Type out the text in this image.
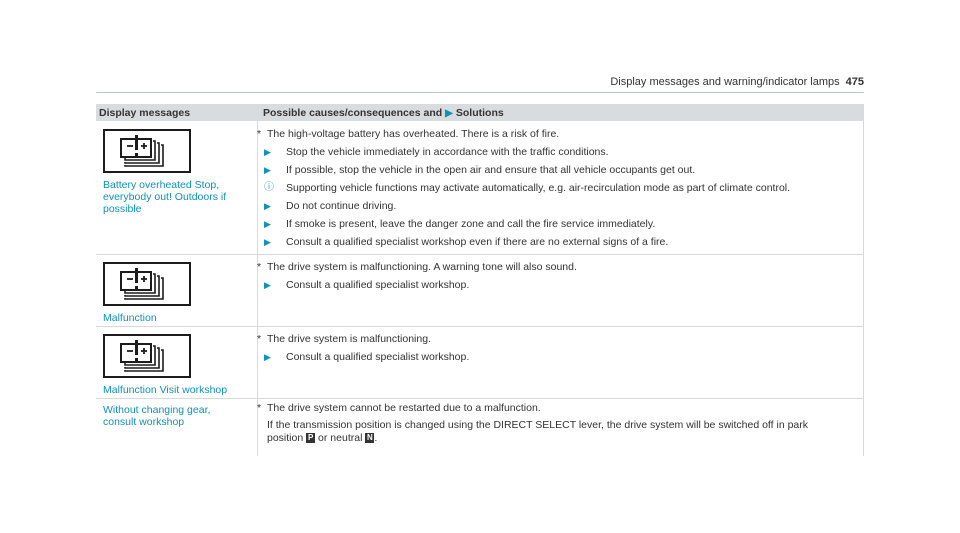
Display messages and warning/indicator lamps 475
Display messages	Possible causes/consequences and ▶ Solutions
Battery overheated Stop,
everybody out! Outdoors if
possible
* The high-voltage battery has overheated. There is a risk of fire.
▶ Stop the vehicle immediately in accordance with the traffic conditions.
▶ If possible, stop the vehicle in the open air and ensure that all vehicle occupants get out.
ⓘ Supporting vehicle functions may activate automatically, e.g. air-recirculation mode as part of climate control.
▶ Do not continue driving.
▶ If smoke is present, leave the danger zone and call the fire service immediately.
▶ Consult a qualified specialist workshop even if there are no external signs of a fire.
Malfunction
* The drive system is malfunctioning. A warning tone will also sound.
▶ Consult a qualified specialist workshop.
Malfunction Visit workshop
* The drive system is malfunctioning.
▶ Consult a qualified specialist workshop.
Without changing gear,
consult workshop
* The drive system cannot be restarted due to a malfunction.
If the transmission position is changed using the DIRECT SELECT lever, the drive system will be switched off in park
position P or neutral N .
